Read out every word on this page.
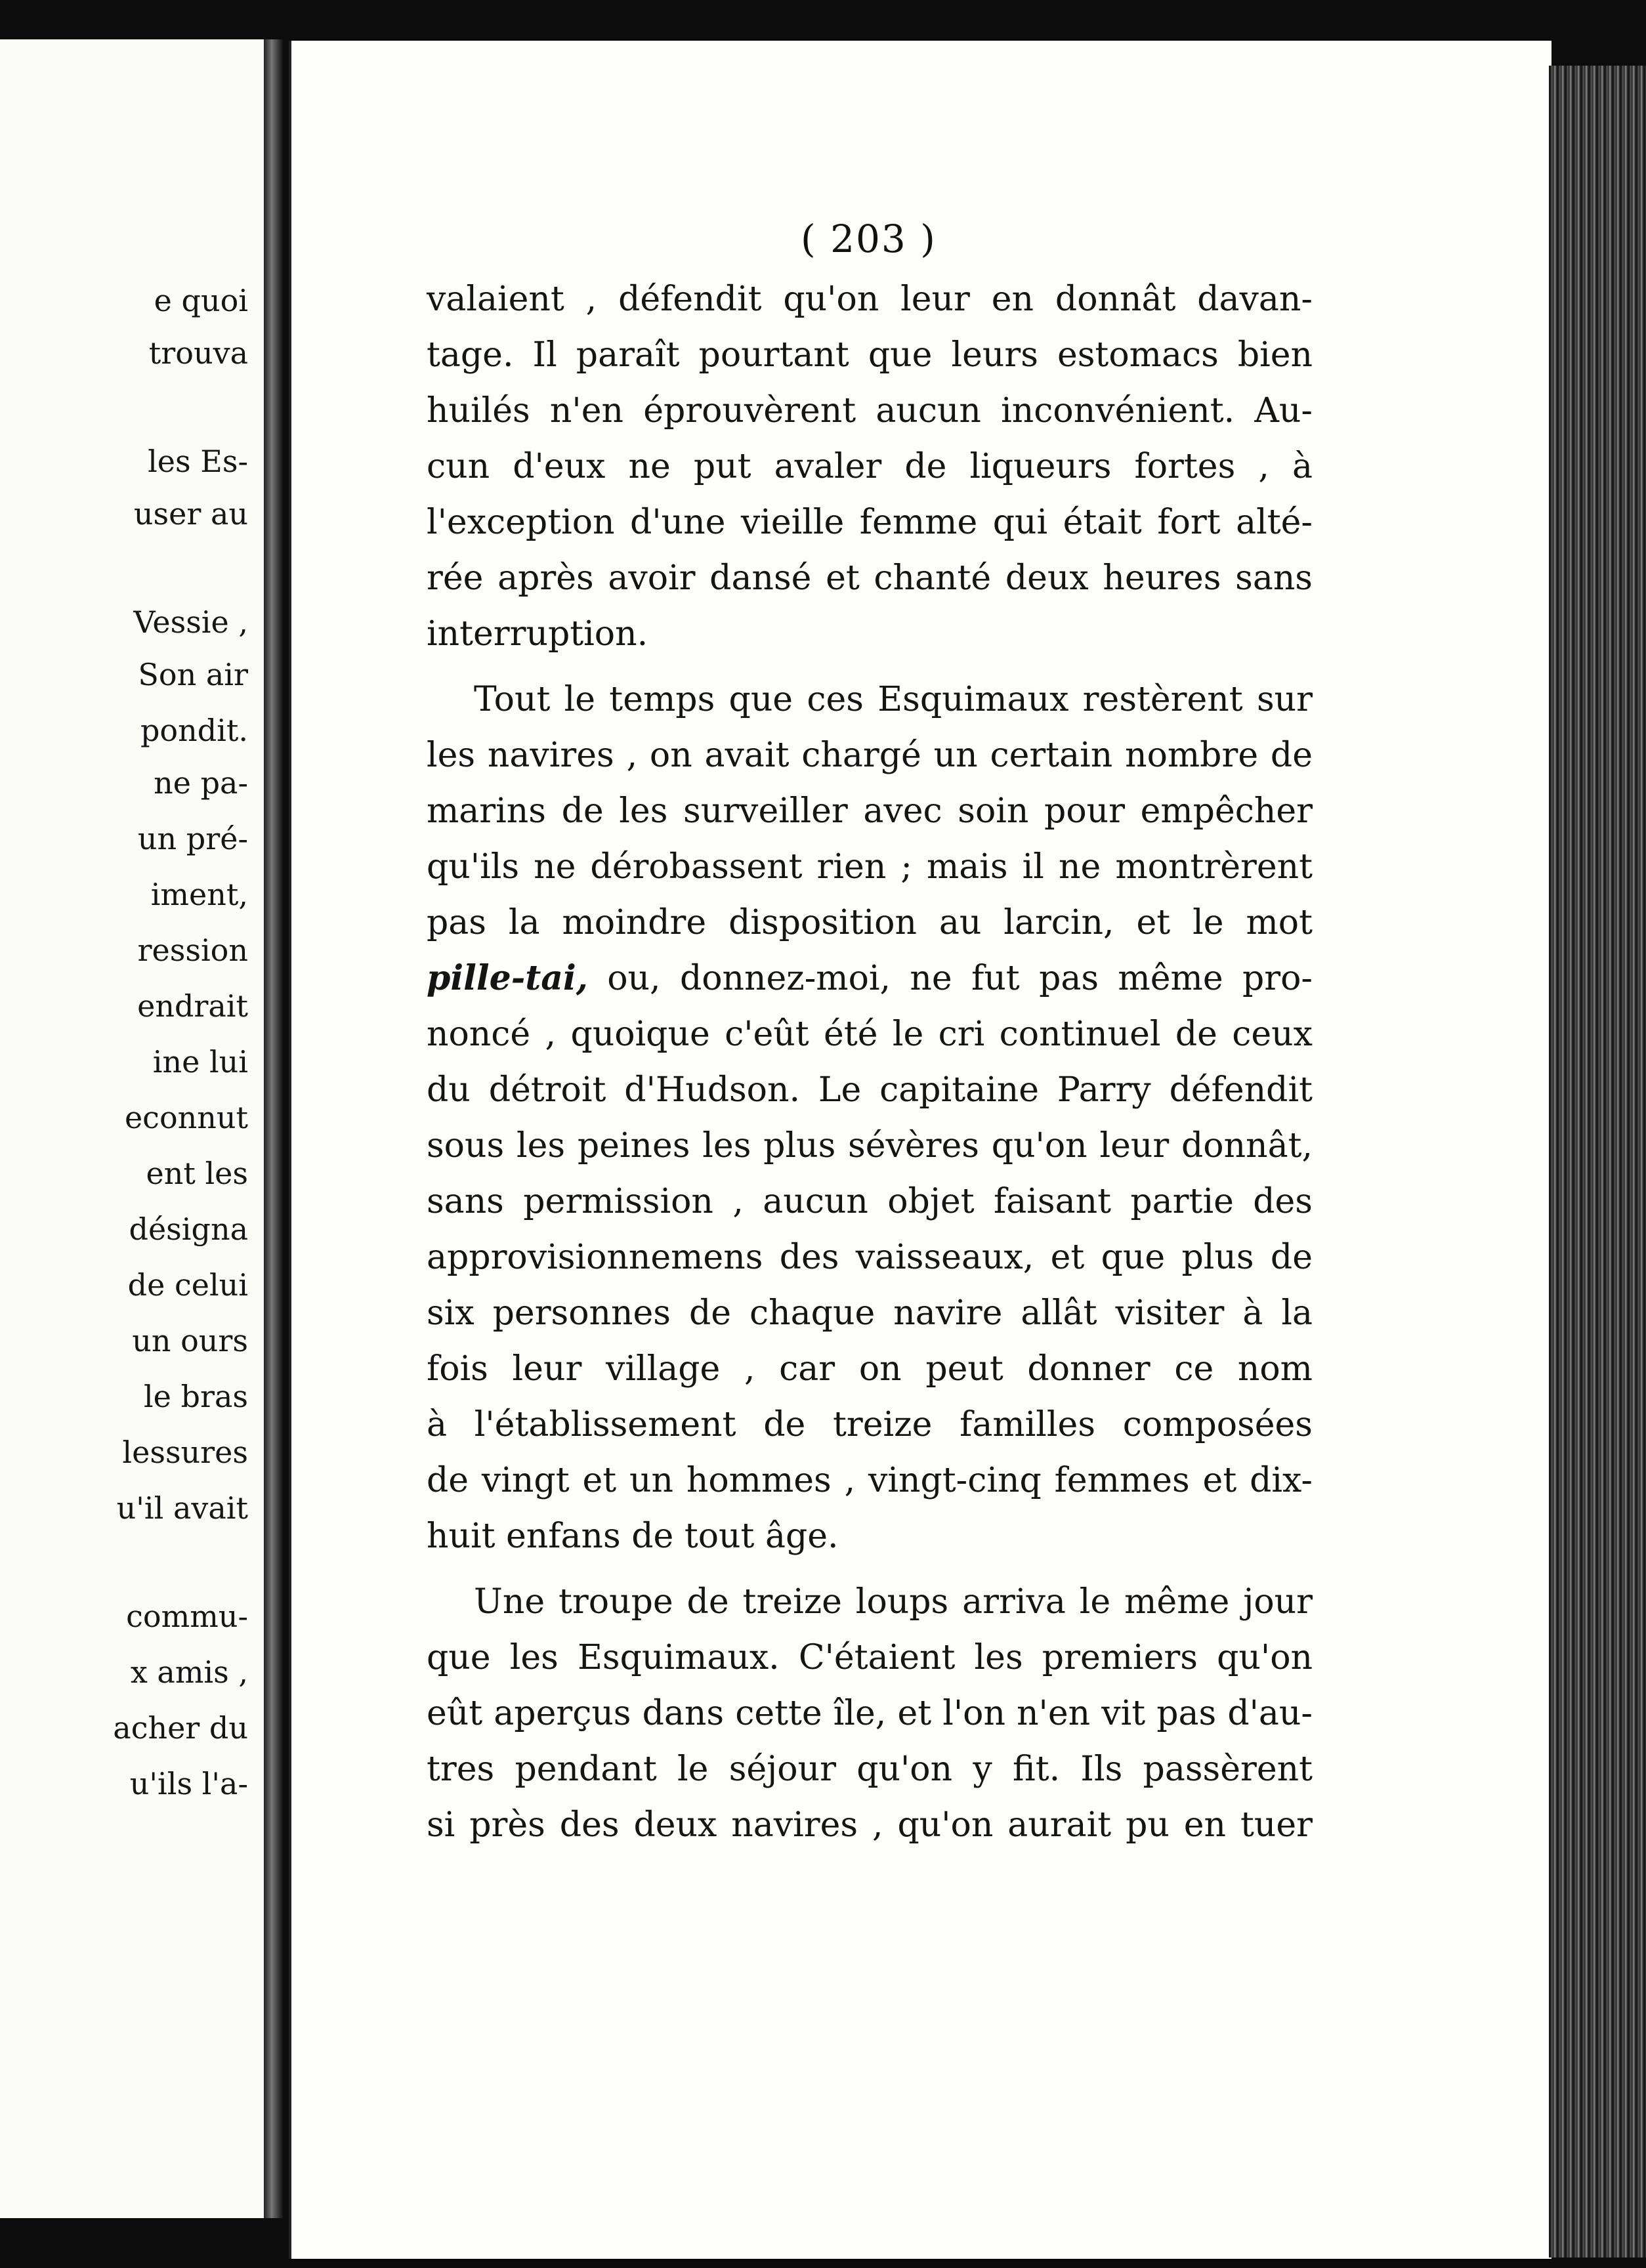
e quoi
trouva
les Es-
user au
Vessie ,
Son air
pondit.
ne pa-
un pré-
iment,
ression
endrait
ine lui
econnut
ent les
désigna
de celui
un ours
le bras
lessures
u'il avait
commu-
x amis ,
acher du
u'ils l'a-
( 203 )
valaient , défendit qu'on leur en donnât davan-
tage. Il paraît pourtant que leurs estomacs bien
huilés n'en éprouvèrent aucun inconvénient. Au-
cun d'eux ne put avaler de liqueurs fortes , à
l'exception d'une vieille femme qui était fort alté-
rée après avoir dansé et chanté deux heures sans
interruption.
Tout le temps que ces Esquimaux restèrent sur
les navires , on avait chargé un certain nombre de
marins de les surveiller avec soin pour empêcher
qu'ils ne dérobassent rien ; mais il ne montrèrent
pas la moindre disposition au larcin, et le mot
pille-tai, ou, donnez-moi, ne fut pas même pro-
noncé , quoique c'eût été le cri continuel de ceux
du détroit d'Hudson. Le capitaine Parry défendit
sous les peines les plus sévères qu'on leur donnât,
sans permission , aucun objet faisant partie des
approvisionnemens des vaisseaux, et que plus de
six personnes de chaque navire allât visiter à la
fois leur village , car on peut donner ce nom
à l'établissement de treize familles composées
de vingt et un hommes , vingt-cinq femmes et dix-
huit enfans de tout âge.
Une troupe de treize loups arriva le même jour
que les Esquimaux. C'étaient les premiers qu'on
eût aperçus dans cette île, et l'on n'en vit pas d'au-
tres pendant le séjour qu'on y fit. Ils passèrent
si près des deux navires , qu'on aurait pu en tuer
